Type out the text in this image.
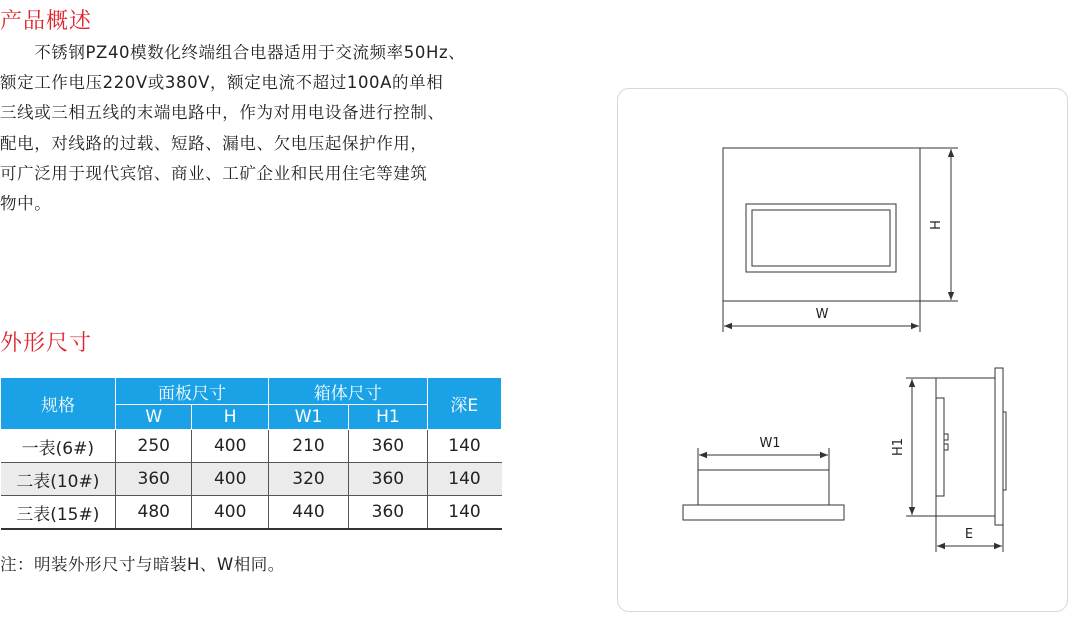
产品概述
　　不锈钢PZ40模数化终端组合电器适用于交流频率50Hz、
额定工作电压220V或380V，额定电流不超过100A的单相
三线或三相五线的末端电路中，作为对用电设备进行控制、
配电，对线路的过载、短路、漏电、欠电压起保护作用，
可广泛用于现代宾馆、商业、工矿企业和民用住宅等建筑
物中。
外形尺寸
规格	面板尺寸		箱体尺寸		深E
	W	H	W1	H1	
一表(6#)	250	400	210	360	140
二表(10#)	360	400	320	360	140
三表(15#)	480	400	440	360	140
注：明装外形尺寸与暗装H、W相同。
W
H
W1	H1
E
